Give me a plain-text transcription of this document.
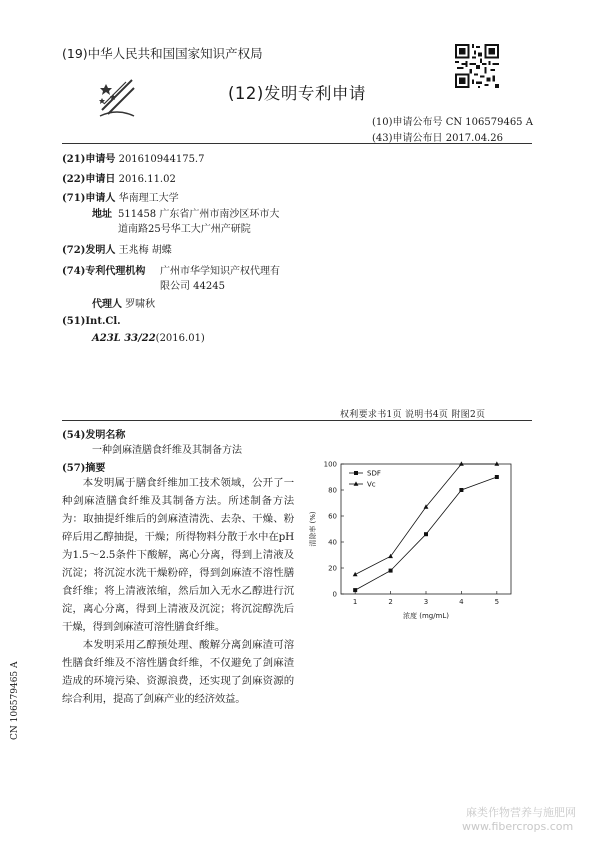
(19)中华人民共和国国家知识产权局
(12)发明专利申请
(10)申请公布号 CN 106579465 A
(43)申请公布日 2017.04.26
(21)申请号 201610944175.7
(22)申请日 2016.11.02
(71)申请人 华南理工大学
地址 511458 广东省广州市南沙区环市大
道南路25号华工大广州产研院
(72)发明人 王兆梅 胡蝶
(74)专利代理机构 广州市华学知识产权代理有
限公司 44245
代理人 罗啸秋
(51)Int.Cl.
A23L 33/22(2016.01)
权利要求书1页 说明书4页 附图2页
(54)发明名称
一种剑麻渣膳食纤维及其制备方法
(57)摘要

本发明属于膳食纤维加工技术领域，公开了一种剑麻渣膳食纤维及其制备方法。所述制备方法为：取抽提纤维后的剑麻渣清洗、去杂、干燥、粉碎后用乙醇抽提，干燥；所得物料分散于水中在pH为1.5～2.5条件下酸解，离心分离，得到上清液及沉淀；将沉淀水洗干燥粉碎，得到剑麻渣不溶性膳食纤维；将上清液浓缩，然后加入无水乙醇进行沉淀，离心分离，得到上清液及沉淀；将沉淀醇洗后干燥，得到剑麻渣可溶性膳食纤维。

本发明采用乙醇预处理、酸解分离剑麻渣可溶性膳食纤维及不溶性膳食纤维，不仅避免了剑麻渣造成的环境污染、资源浪费，还实现了剑麻资源的综合利用，提高了剑麻产业的经济效益。

0
20
40
60
80
100
1	2	3	4	5
浓度 (mg/mL)
清除率 (%)
SDF
Vc
CN 106579465 A
麻类作物营养与施肥网
www.fibercrops.com
